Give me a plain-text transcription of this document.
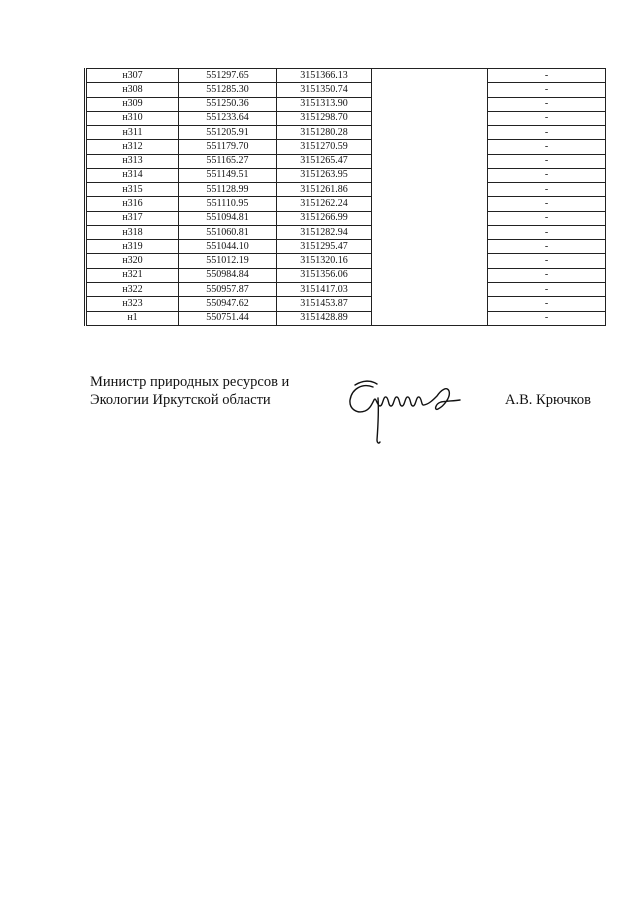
н307	551297.65	3151366.13		-
н308	551285.30	3151350.74		-
н309	551250.36	3151313.90		-
н310	551233.64	3151298.70		-
н311	551205.91	3151280.28		-
н312	551179.70	3151270.59		-
н313	551165.27	3151265.47		-
н314	551149.51	3151263.95		-
н315	551128.99	3151261.86		-
н316	551110.95	3151262.24		-
н317	551094.81	3151266.99		-
н318	551060.81	3151282.94		-
н319	551044.10	3151295.47		-
н320	551012.19	3151320.16		-
н321	550984.84	3151356.06		-
н322	550957.87	3151417.03		-
н323	550947.62	3151453.87		-
н1	550751.44	3151428.89		-
Министр природных ресурсов и
Экологии Иркутской области	А.В. Крючков
